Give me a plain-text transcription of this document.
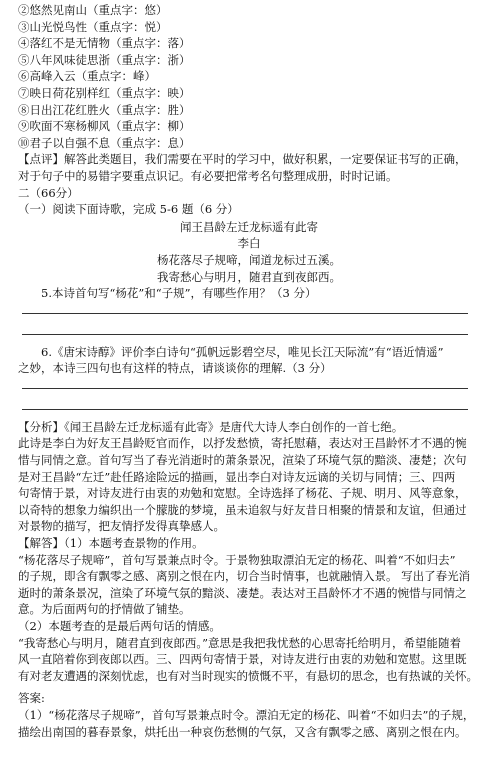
②悠然见南山（重点字：悠）
③山光悦鸟性（重点字：悦）
④落红不是无情物（重点字：落）
⑤八年风味徒思浙（重点字：浙）
⑥高峰入云（重点字：峰）
⑦映日荷花别样红（重点字：映）
⑧日出江花红胜火（重点字：胜）
⑨吹面不寒杨柳风（重点字：柳）
⑩君子以自强不息（重点字：息）
【点评】解答此类题目，我们需要在平时的学习中，做好积累，一定要保证书写的正确，
对于句子中的易错字要重点识记。有必要把常考名句整理成册，时时记诵。
二（66分）
（一）阅读下面诗歌，完成 5-6 题（6 分）
闻王昌龄左迁龙标遥有此寄
李白
杨花落尽子规啼，闻道龙标过五溪。
我寄愁心与明月，随君直到夜郎西。
5.本诗首句写“杨花”和“子规”，有哪些作用？（3 分）
6.《唐宋诗醇》评价李白诗句“孤帆远影碧空尽，唯见长江天际流”有“语近情遥”
之妙，本诗三四句也有这样的特点，请谈谈你的理解.（3 分）
【分析】《闻王昌龄左迁龙标遥有此寄》是唐代大诗人李白创作的一首七绝。
此诗是李白为好友王昌龄贬官而作，以抒发愁愤，寄托慰藉，表达对王昌龄怀才不遇的惋
惜与同情之意。首句写当了春光消逝时的萧条景况，渲染了环境气氛的黯淡、凄楚；次句
是对王昌龄“左迁”赴任路途险远的描画，显出李白对诗友远谪的关切与同情；三、四两
句寄情于景，对诗友进行由衷的劝勉和宽慰。全诗选择了杨花、子规、明月、风等意象，
以奇特的想象力编织出一个朦胧的梦境，虽未追叙与好友昔日相聚的情景和友谊，但通过
对景物的描写，把友情抒发得真挚感人。
【解答】（1）本题考查景物的作用。
“杨花落尽子规啼”，首句写景兼点时令。于景物独取漂泊无定的杨花、叫着“不如归去”
的子规，即含有飘零之感、离别之恨在内，切合当时情事，也就融情入景。 写出了春光消
逝时的萧条景况，渲染了环境气氛的黯淡、凄楚。表达对王昌龄怀才不遇的惋惜与同情之
意。为后面两句的抒情做了铺垫。
（2）本题考查的是最后两句话的情感。
“我寄愁心与明月，随君直到夜郎西。”意思是我把我忧愁的心思寄托给明月，希望能随着
风一直陪着你到夜郎以西。三、四两句寄情于景，对诗友进行由衷的劝勉和宽慰。这里既
有对老友遭遇的深刻忧虑，也有对当时现实的愤慨不平，有悬切的思念，也有热诚的关怀。
答案:
（1）“杨花落尽子规啼”，首句写景兼点时令。漂泊无定的杨花、叫着“不如归去”的子规，
描绘出南国的暮春景象，烘托出一种哀伤愁恻的气氛，又含有飘零之感、离别之恨在内。
